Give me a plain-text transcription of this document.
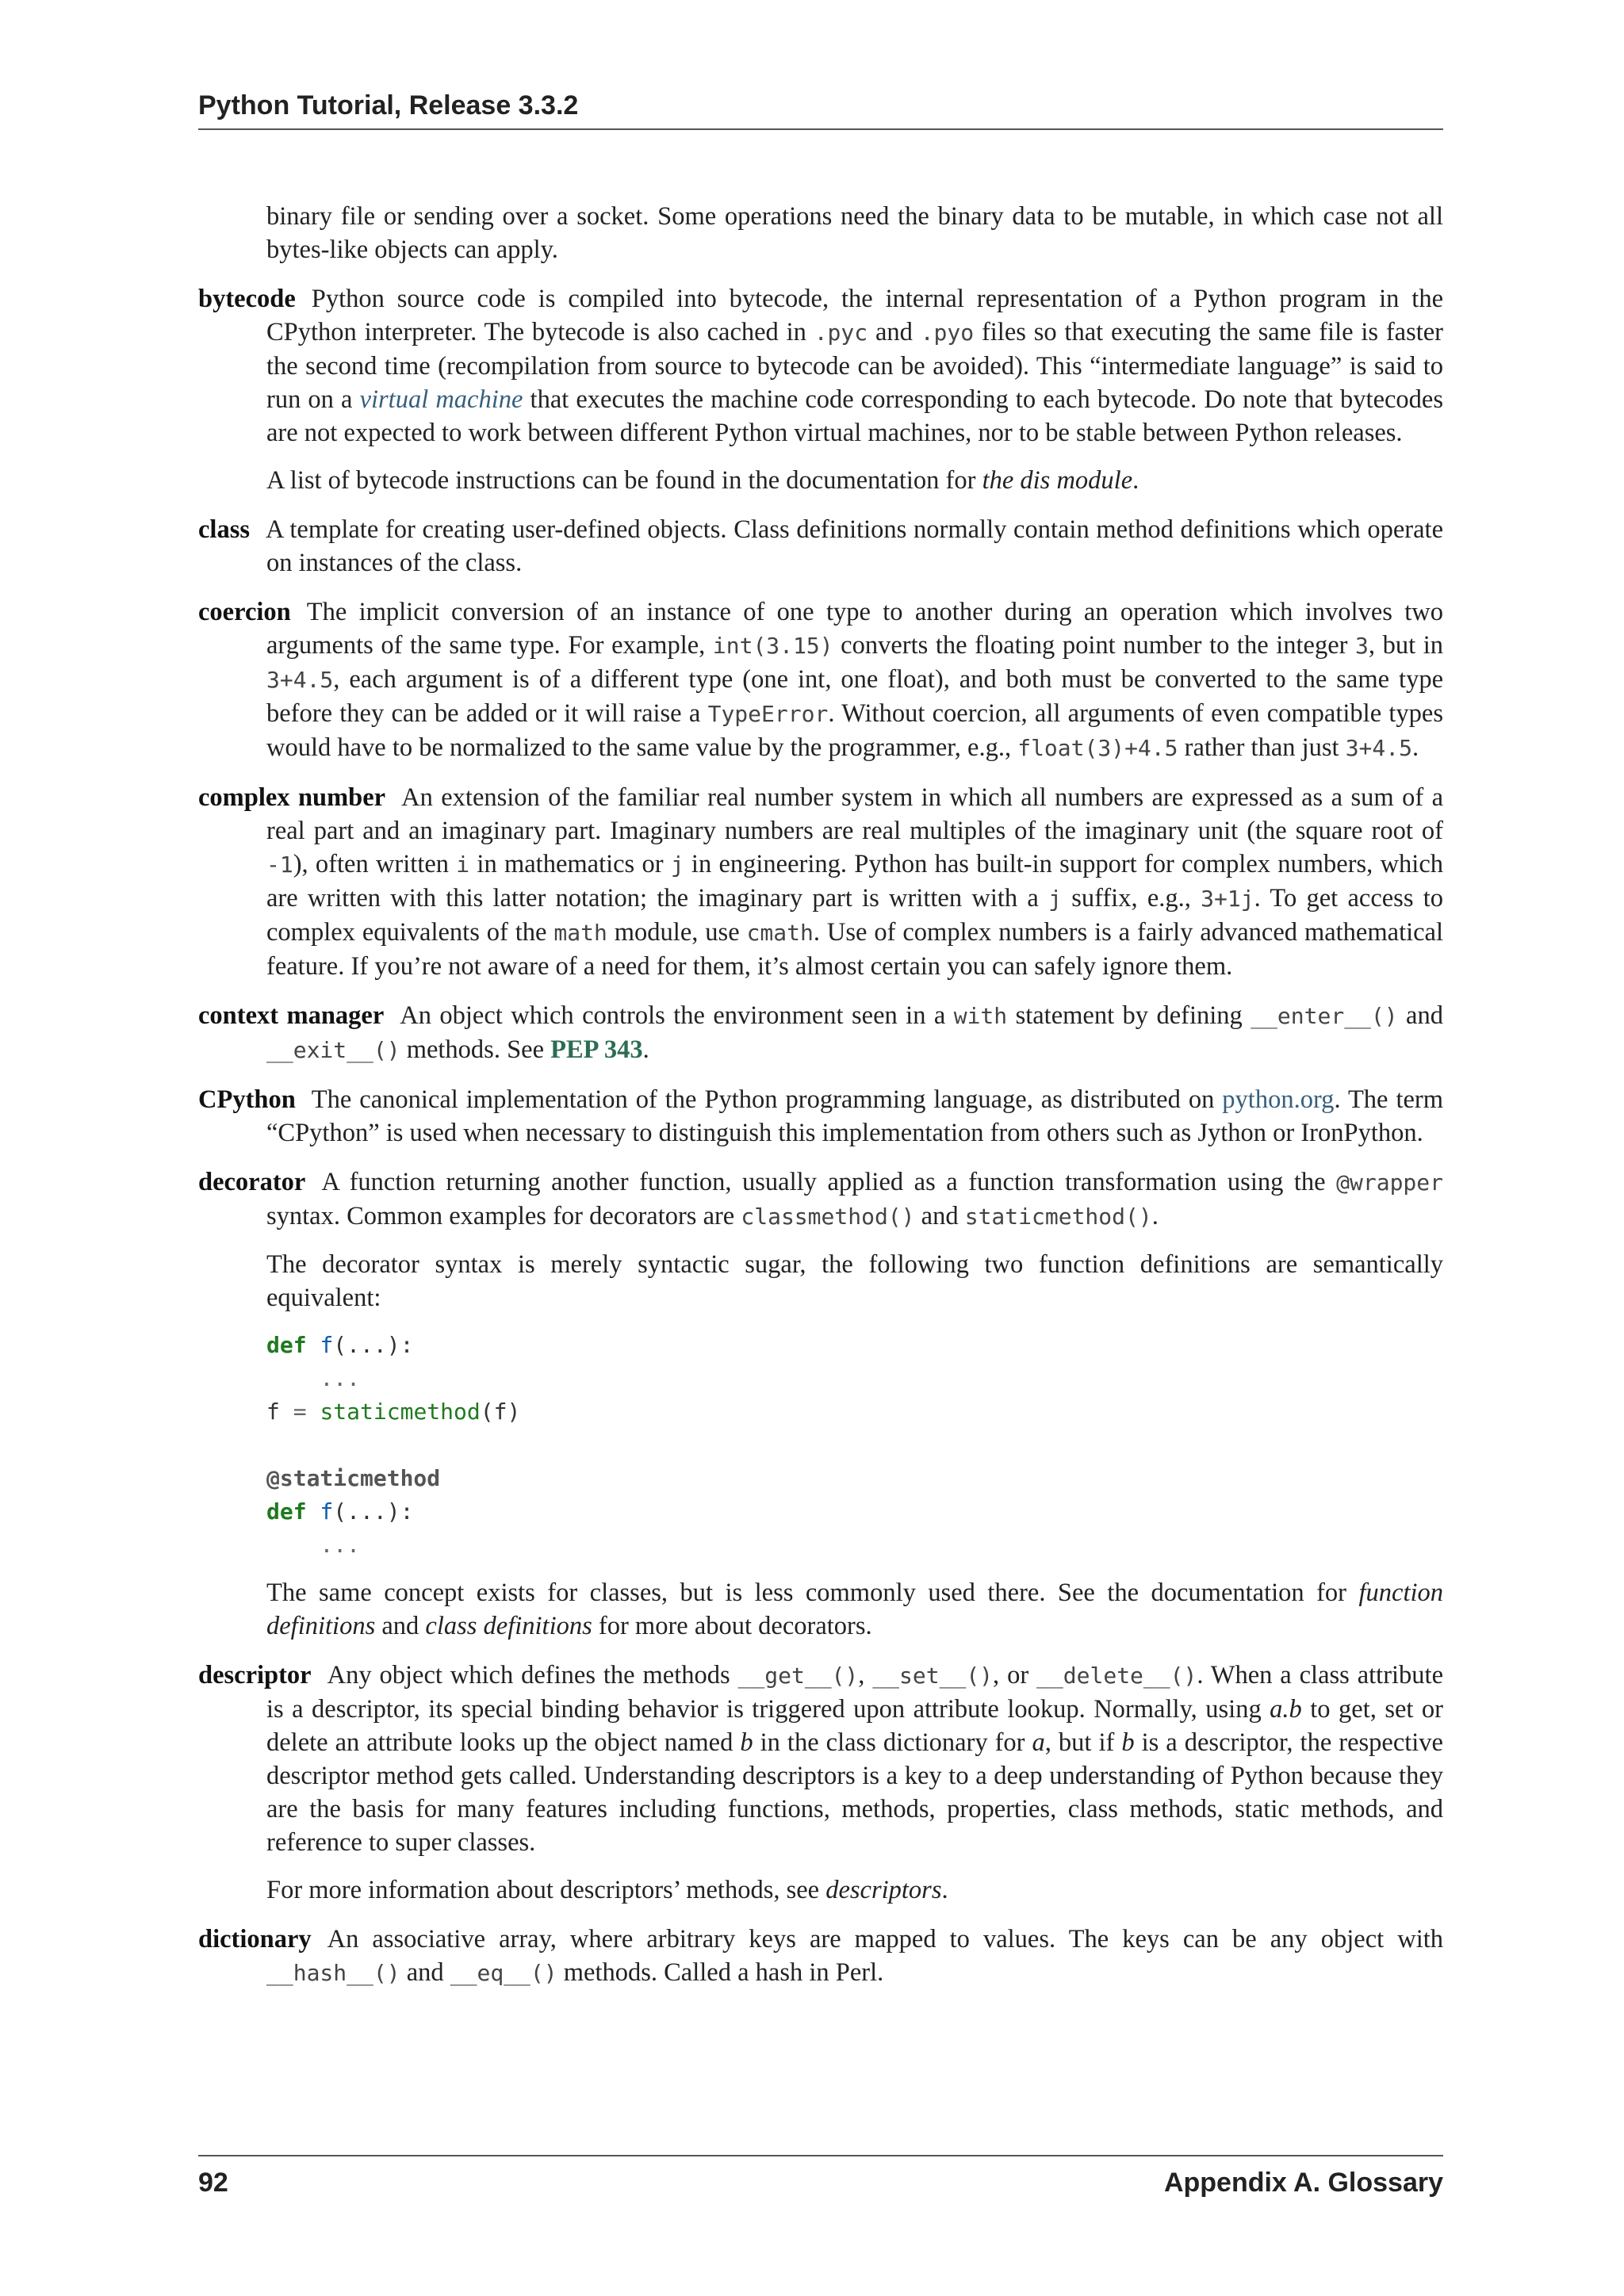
Python Tutorial, Release 3.3.2

binary file or sending over a socket. Some operations need the binary data to be mutable, in which case not all bytes-like objects can apply.

bytecode Python source code is compiled into bytecode, the internal representation of a Python program in the CPython interpreter. The bytecode is also cached in .pyc and .pyo files so that executing the same file is faster the second time (recompilation from source to bytecode can be avoided). This “intermediate language” is said to run on a virtual machine that executes the machine code corresponding to each bytecode. Do note that bytecodes are not expected to work between different Python virtual machines, nor to be stable between Python releases.

A list of bytecode instructions can be found in the documentation for the dis module.

class A template for creating user-defined objects. Class definitions normally contain method definitions which operate on instances of the class.

coercion The implicit conversion of an instance of one type to another during an operation which involves two arguments of the same type. For example, int(3.15) converts the floating point number to the integer 3, but in 3+4.5, each argument is of a different type (one int, one float), and both must be converted to the same type before they can be added or it will raise a TypeError. Without coercion, all arguments of even compatible types would have to be normalized to the same value by the programmer, e.g., float(3)+4.5 rather than just 3+4.5.

complex number An extension of the familiar real number system in which all numbers are expressed as a sum of a real part and an imaginary part. Imaginary numbers are real multiples of the imaginary unit (the square root of -1), often written i in mathematics or j in engineering. Python has built-in support for complex numbers, which are written with this latter notation; the imaginary part is written with a j suffix, e.g., 3+1j. To get access to complex equivalents of the math module, use cmath. Use of complex numbers is a fairly advanced mathematical feature. If you’re not aware of a need for them, it’s almost certain you can safely ignore them.

context manager An object which controls the environment seen in a with statement by defining __enter__() and __exit__() methods. See PEP 343.

CPython The canonical implementation of the Python programming language, as distributed on python.org. The term “CPython” is used when necessary to distinguish this implementation from others such as Jython or IronPython.

decorator A function returning another function, usually applied as a function transformation using the @wrapper syntax. Common examples for decorators are classmethod() and staticmethod().

The decorator syntax is merely syntactic sugar, the following two function definitions are semantically equivalent:

def f(...):
...
f = staticmethod(f)

@staticmethod
def f(...):
...

The same concept exists for classes, but is less commonly used there. See the documentation for function definitions and class definitions for more about decorators.

descriptor Any object which defines the methods __get__(), __set__(), or __delete__(). When a class attribute is a descriptor, its special binding behavior is triggered upon attribute lookup. Normally, using a.b to get, set or delete an attribute looks up the object named b in the class dictionary for a, but if b is a descriptor, the respective descriptor method gets called. Understanding descriptors is a key to a deep understanding of Python because they are the basis for many features including functions, methods, properties, class methods, static methods, and reference to super classes.

For more information about descriptors’ methods, see descriptors.

dictionary An associative array, where arbitrary keys are mapped to values. The keys can be any object with __hash__() and __eq__() methods. Called a hash in Perl.

92	Appendix A. Glossary
